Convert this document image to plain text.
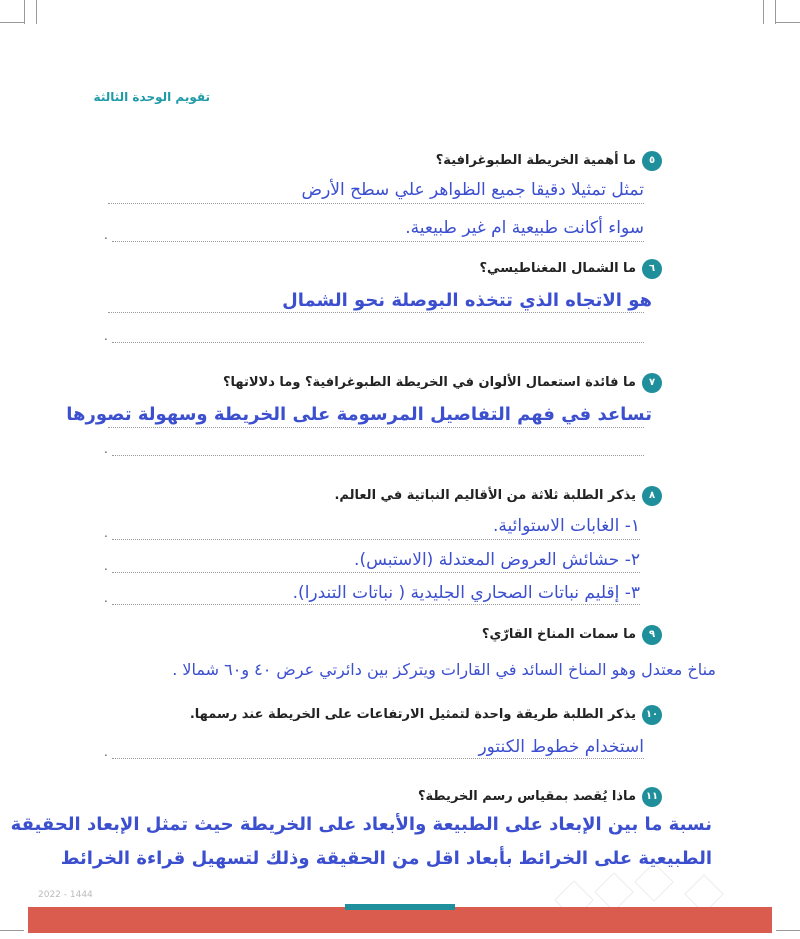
تقويم الوحدة الثالثة
٥ما أهمية الخريطة الطبوغرافية؟
تمثل تمثيلا دقيقا جميع الظواهر علي سطح الأرض
سواء أكانت طبيعية ام غير طبيعية.
.
٦ما الشمال المغناطيسي؟
هو الاتجاه الذي تتخذه البوصلة نحو الشمال
.
٧ما فائدة استعمال الألوان في الخريطة الطبوغرافية؟ وما دلالاتها؟
تساعد في فهم التفاصيل المرسومة على الخريطة وسهولة تصورها
.
٨يذكر الطلبة ثلاثة من الأقاليم النباتية في العالم.
١- الغابات الاستوائية.
.
٢- حشائش العروض المعتدلة (الاستبس).
.
٣- إقليم نباتات الصحاري الجليدية ( نباتات التندرا).
.
٩ما سمات المناخ القارّي؟
مناخ معتدل وهو المناخ السائد في القارات ويتركز بين دائرتي عرض ٤٠ و٦٠ شمالا .
١٠يذكر الطلبة طريقة واحدة لتمثيل الارتفاعات على الخريطة عند رسمها.
استخدام خطوط الكنتور
.
١١ماذا يُقصد بمقياس رسم الخريطة؟
نسبة ما بين الإبعاد على الطبيعة والأبعاد على الخريطة حيث تمثل الإبعاد الحقيقة
الطبيعية على الخرائط بأبعاد اقل من الحقيقة وذلك لتسهيل قراءة الخرائط
2022 - 1444
